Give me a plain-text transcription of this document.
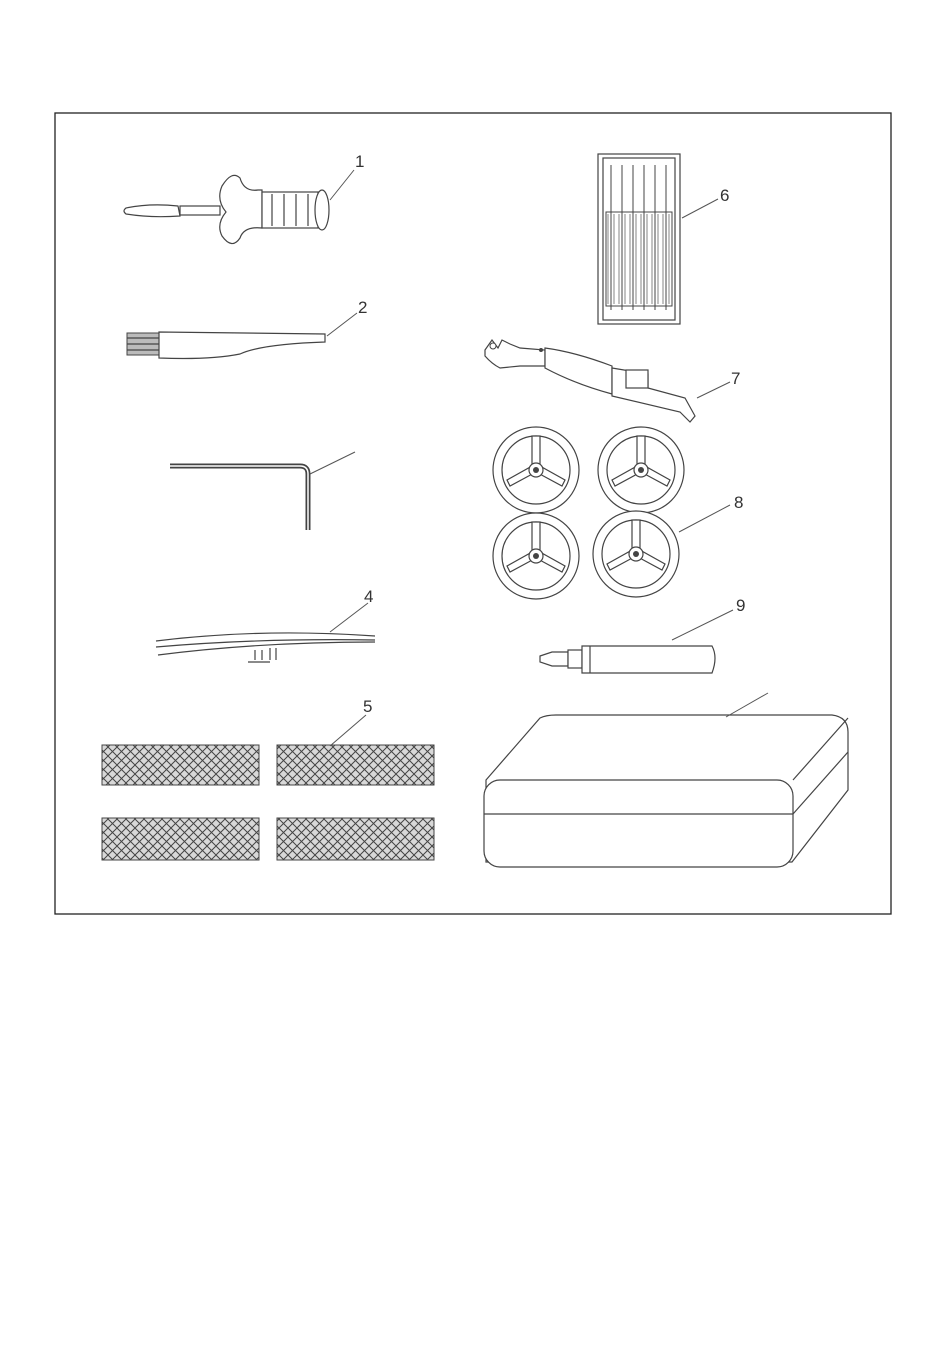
1
2
4
5
6
7
8
9
